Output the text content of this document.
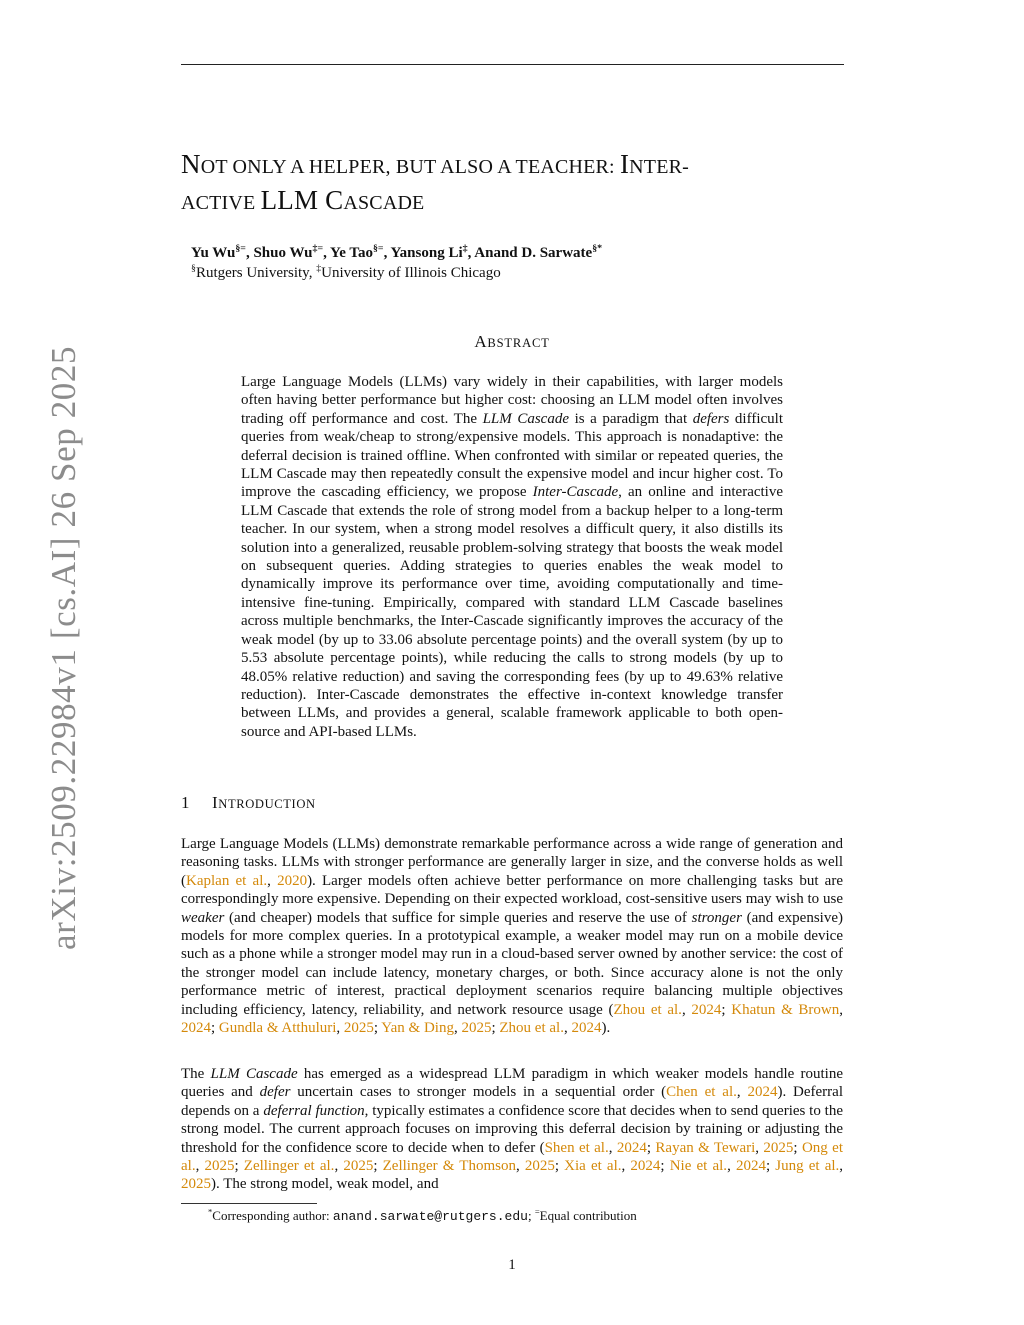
arXiv:2509.22984v1 [cs.AI] 26 Sep 2025
NOT ONLY A HELPER, BUT ALSO A TEACHER: INTER-
ACTIVE LLM CASCADE
Yu Wu§=, Shuo Wu‡=, Ye Tao§=, Yansong Li‡, Anand D. Sarwate§*
§Rutgers University, ‡University of Illinois Chicago
ABSTRACT
Large Language Models (LLMs) vary widely in their capabilities, with larger models often having better performance but higher cost: choosing an LLM model often involves trading off performance and cost. The LLM Cascade is a paradigm that defers difficult queries from weak/cheap to strong/expensive models. This approach is nonadaptive: the deferral decision is trained offline. When confronted with similar or repeated queries, the LLM Cascade may then repeatedly consult the expensive model and incur higher cost. To improve the cascading efficiency, we propose Inter-Cascade, an online and interactive LLM Cascade that extends the role of strong model from a backup helper to a long-term teacher. In our system, when a strong model resolves a difficult query, it also distills its solution into a generalized, reusable problem-solving strategy that boosts the weak model on subsequent queries. Adding strategies to queries enables the weak model to dynamically improve its performance over time, avoiding computationally and time-intensive fine-tuning. Empirically, compared with standard LLM Cascade baselines across multiple benchmarks, the Inter-Cascade significantly improves the accuracy of the weak model (by up to 33.06 absolute percentage points) and the overall system (by up to 5.53 absolute percentage points), while reducing the calls to strong models (by up to 48.05% relative reduction) and saving the corresponding fees (by up to 49.63% relative reduction). Inter-Cascade demonstrates the effective in-context knowledge transfer between LLMs, and provides a general, scalable framework applicable to both open-source and API-based LLMs.
1 INTRODUCTION
Large Language Models (LLMs) demonstrate remarkable performance across a wide range of generation and reasoning tasks. LLMs with stronger performance are generally larger in size, and the converse holds as well (Kaplan et al., 2020). Larger models often achieve better performance on more challenging tasks but are correspondingly more expensive. Depending on their expected workload, cost-sensitive users may wish to use weaker (and cheaper) models that suffice for simple queries and reserve the use of stronger (and expensive) models for more complex queries. In a prototypical example, a weaker model may run on a mobile device such as a phone while a stronger model may run in a cloud-based server owned by another service: the cost of the stronger model can include latency, monetary charges, or both. Since accuracy alone is not the only performance metric of interest, practical deployment scenarios require balancing multiple objectives including efficiency, latency, reliability, and network resource usage (Zhou et al., 2024; Khatun & Brown, 2024; Gundla & Atthuluri, 2025; Yan & Ding, 2025; Zhou et al., 2024).
The LLM Cascade has emerged as a widespread LLM paradigm in which weaker models handle routine queries and defer uncertain cases to stronger models in a sequential order (Chen et al., 2024). Deferral depends on a deferral function, typically estimates a confidence score that decides when to send queries to the strong model. The current approach focuses on improving this deferral decision by training or adjusting the threshold for the confidence score to decide when to defer (Shen et al., 2024; Rayan & Tewari, 2025; Ong et al., 2025; Zellinger et al., 2025; Zellinger & Thomson, 2025; Xia et al., 2024; Nie et al., 2024; Jung et al., 2025). The strong model, weak model, and
*Corresponding author: anand.sarwate@rutgers.edu; =Equal contribution
1
